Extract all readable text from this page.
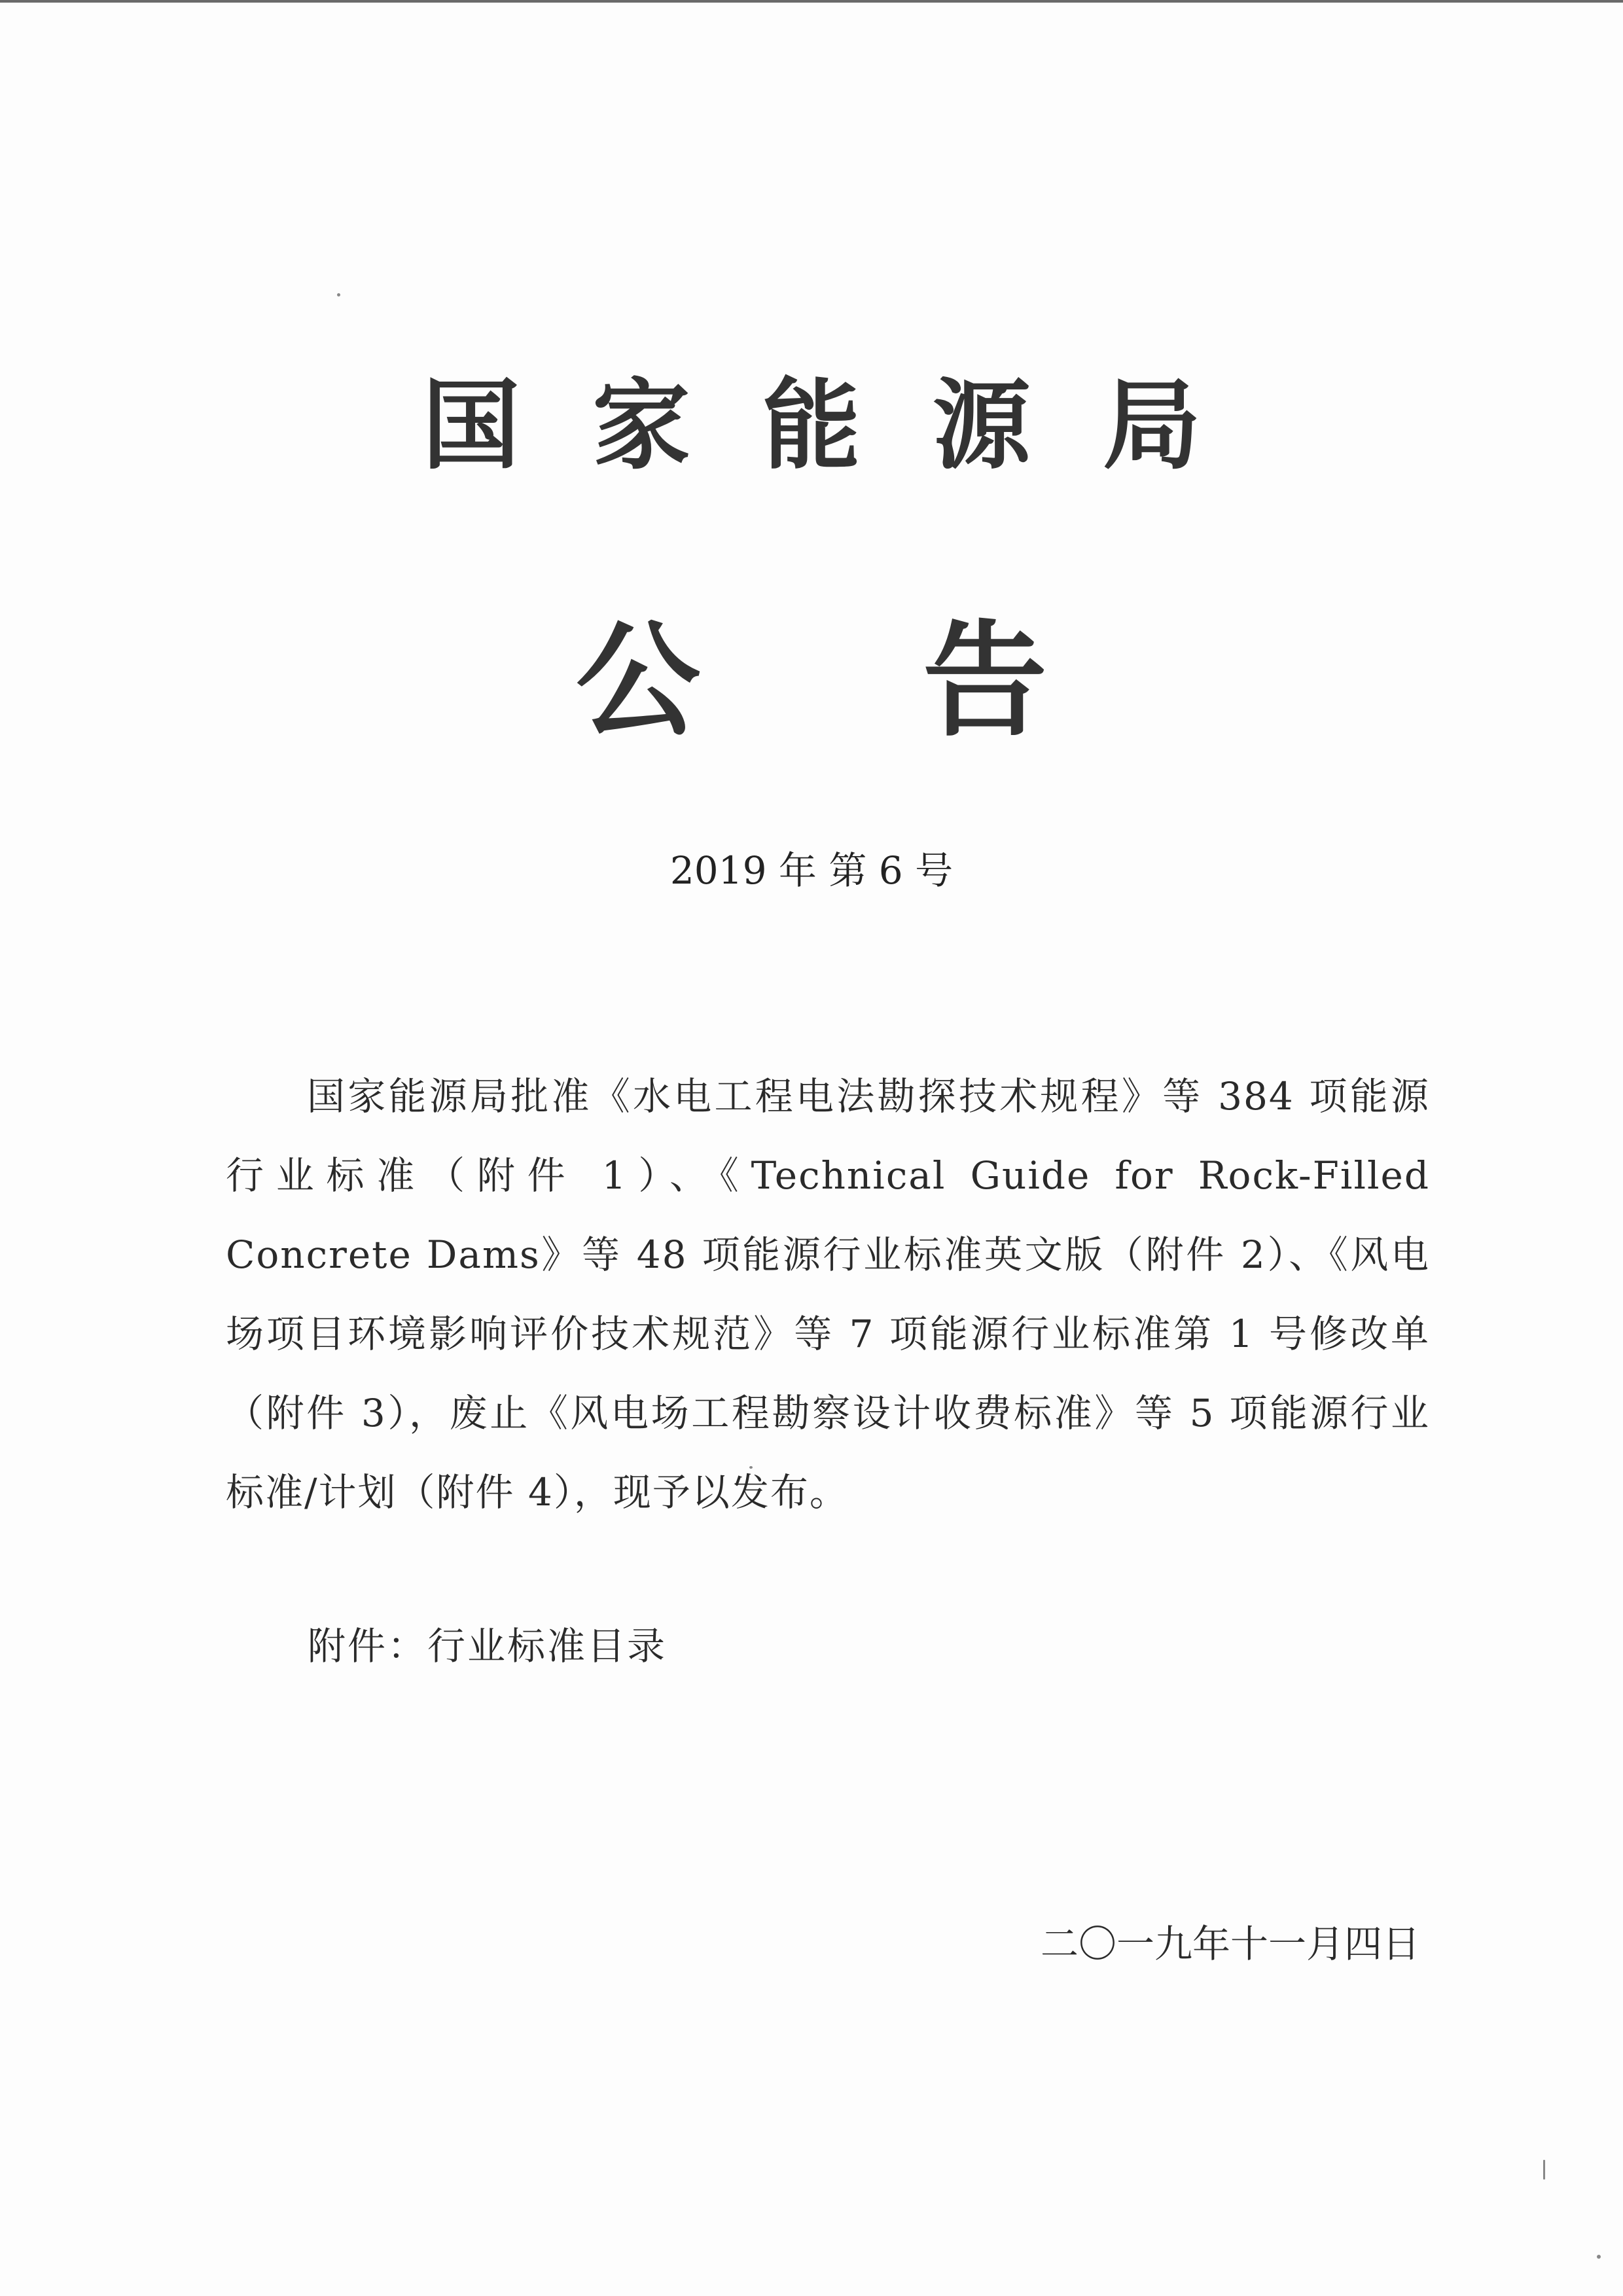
国家能源局
公告
2019 年 第 6 号
国家能源局批准《水电工程电法勘探技术规程》等 384 项能源行业标准（附件 1）、《Technical Guide for Rock-Filled Concrete Dams》等 48 项能源行业标准英文版（附件 2）、《风电场项目环境影响评价技术规范》等 7 项能源行业标准第 1 号修改单（附件 3），废止《风电场工程勘察设计收费标准》等 5 项能源行业标准/计划（附件 4），现予以发布。
附件：行业标准目录
二〇一九年十一月四日
